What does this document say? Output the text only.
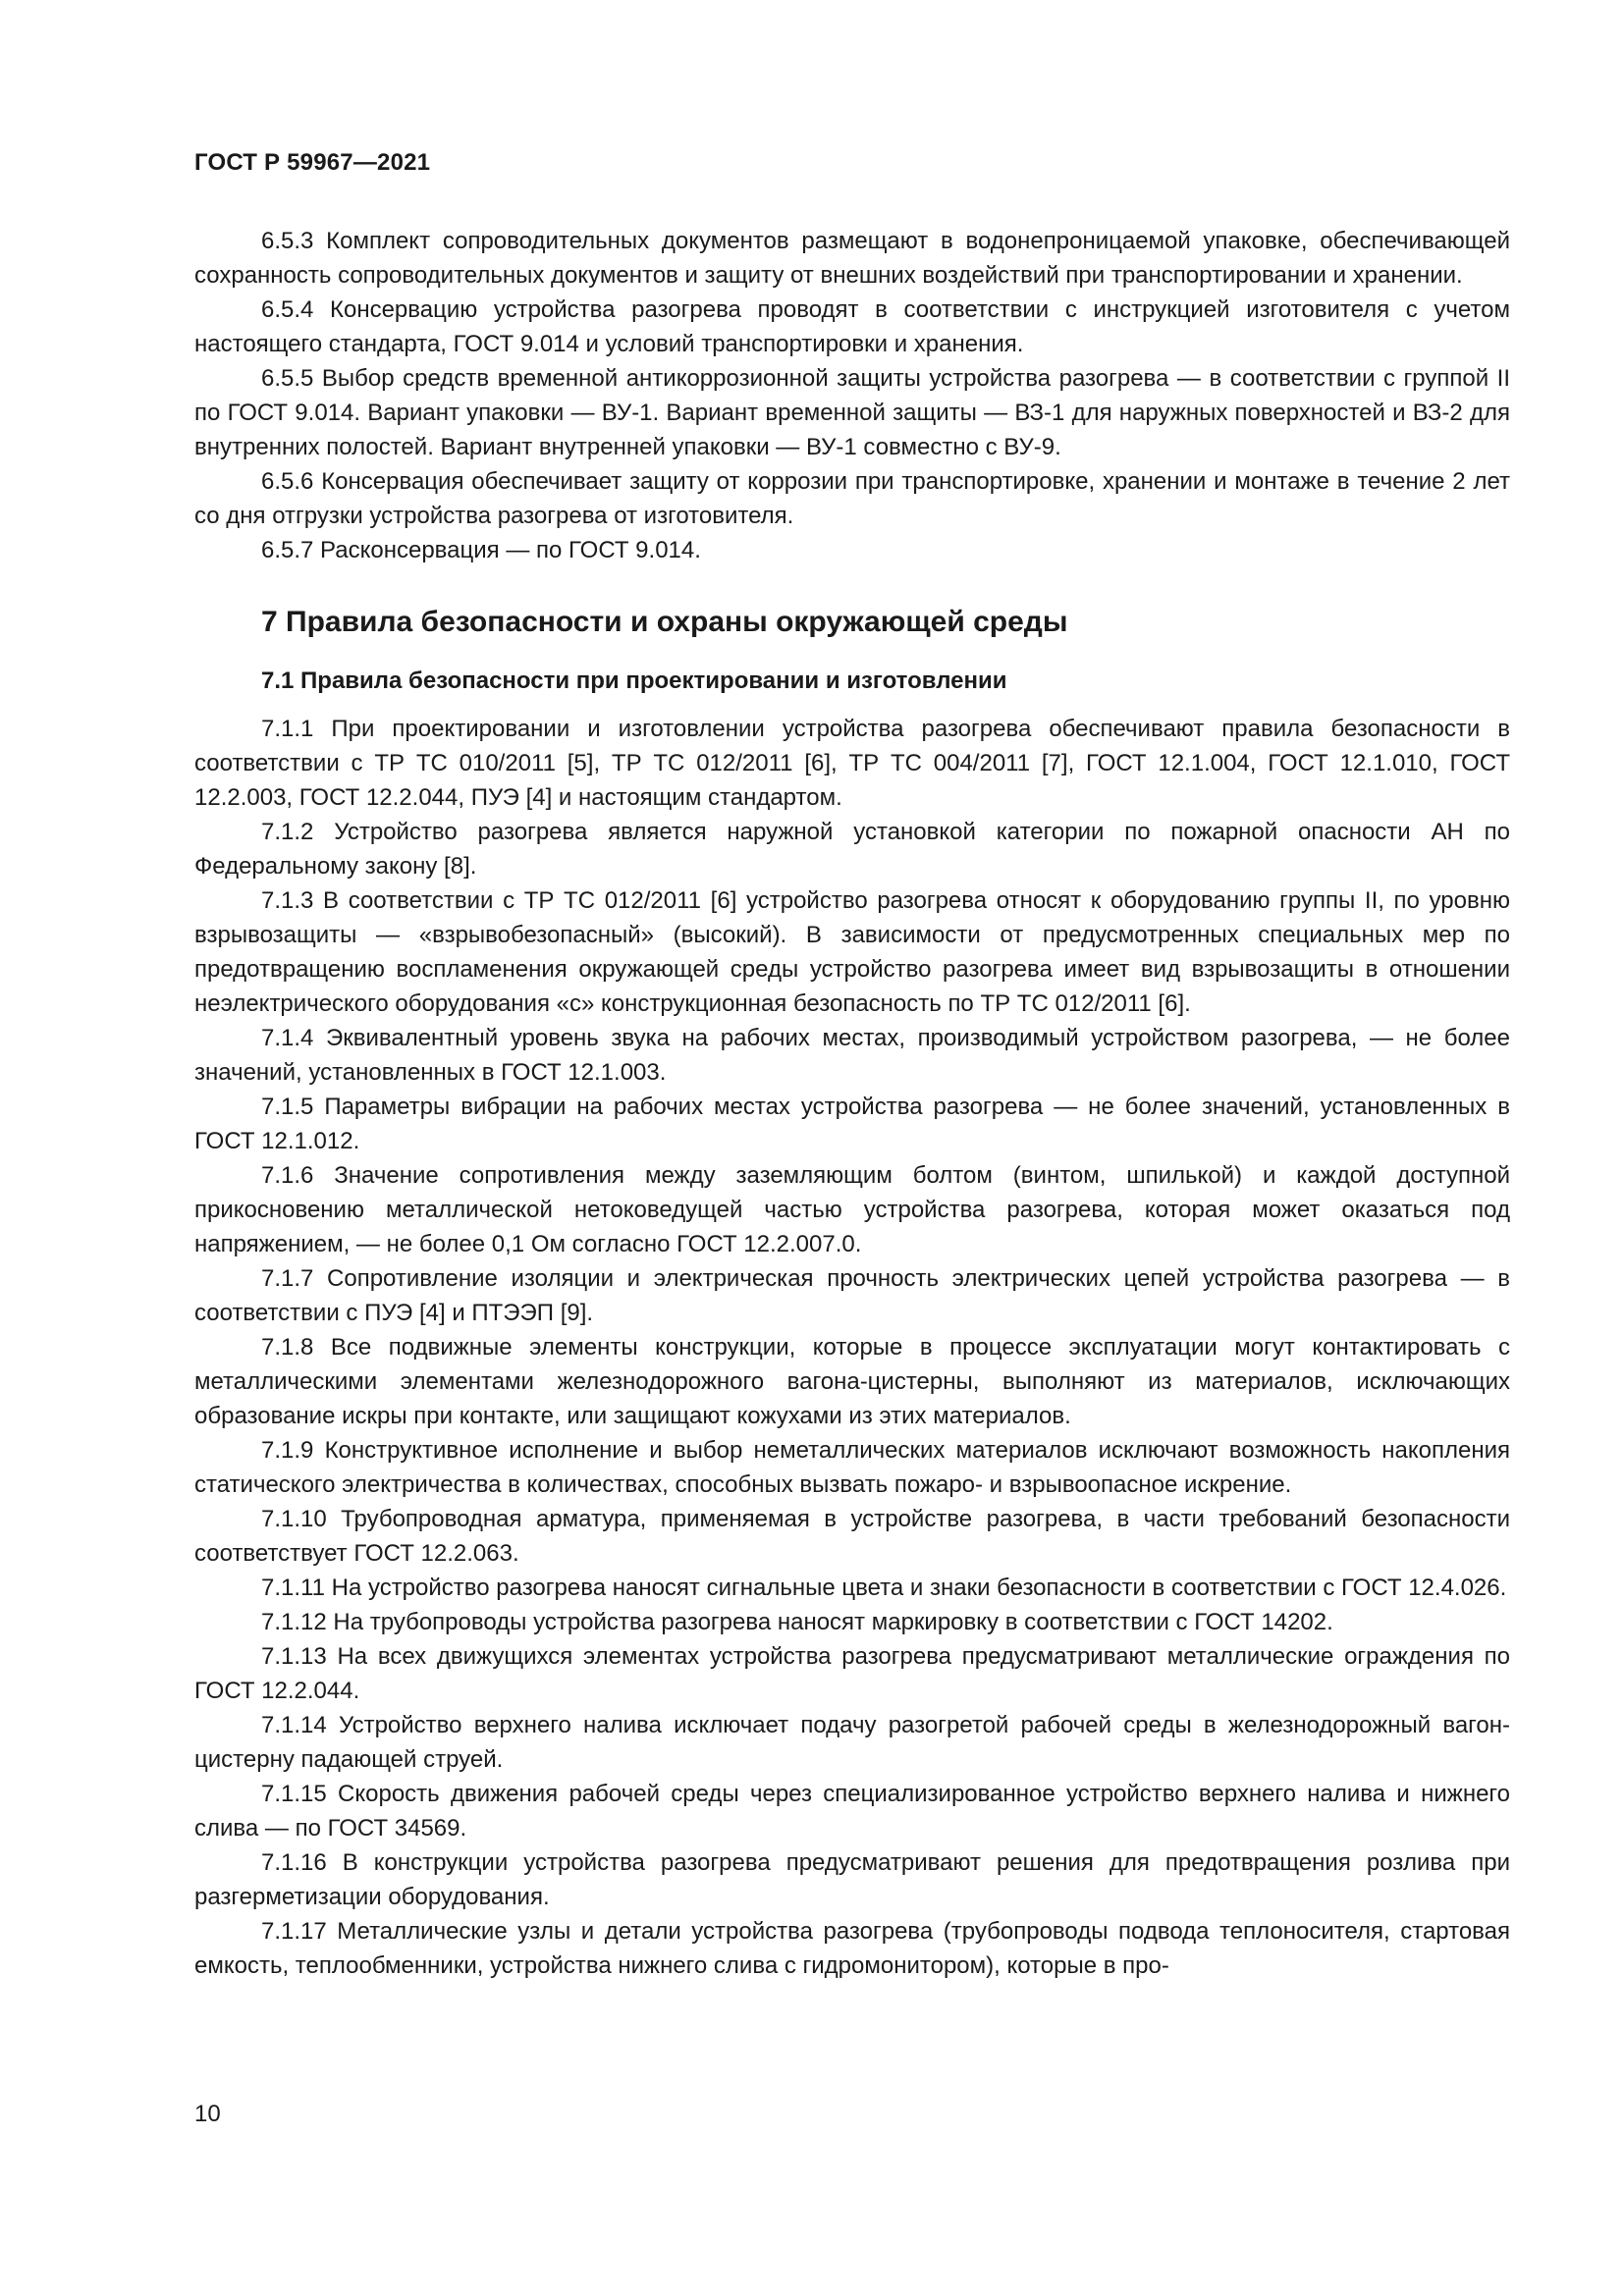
ГОСТ Р 59967—2021

6.5.3 Комплект сопроводительных документов размещают в водонепроницаемой упаковке, обеспечивающей сохранность сопроводительных документов и защиту от внешних воздействий при транспортировании и хранении.

6.5.4 Консервацию устройства разогрева проводят в соответствии с инструкцией изготовителя с учетом настоящего стандарта, ГОСТ 9.014 и условий транспортировки и хранения.

6.5.5 Выбор средств временной антикоррозионной защиты устройства разогрева — в соответствии с группой II по ГОСТ 9.014. Вариант упаковки — ВУ-1. Вариант временной защиты — ВЗ-1 для наружных поверхностей и ВЗ-2 для внутренних полостей. Вариант внутренней упаковки — ВУ-1 совместно с ВУ-9.

6.5.6 Консервация обеспечивает защиту от коррозии при транспортировке, хранении и монтаже в течение 2 лет со дня отгрузки устройства разогрева от изготовителя.

6.5.7 Расконсервация — по ГОСТ 9.014.

7 Правила безопасности и охраны окружающей среды
7.1 Правила безопасности при проектировании и изготовлении

7.1.1 При проектировании и изготовлении устройства разогрева обеспечивают правила безопасности в соответствии с ТР ТС 010/2011 [5], ТР ТС 012/2011 [6], ТР ТС 004/2011 [7], ГОСТ 12.1.004, ГОСТ 12.1.010, ГОСТ 12.2.003, ГОСТ 12.2.044, ПУЭ [4] и настоящим стандартом.

7.1.2 Устройство разогрева является наружной установкой категории по пожарной опасности АН по Федеральному закону [8].

7.1.3 В соответствии с ТР ТС 012/2011 [6] устройство разогрева относят к оборудованию группы II, по уровню взрывозащиты — «взрывобезопасный» (высокий). В зависимости от предусмотренных специальных мер по предотвращению воспламенения окружающей среды устройство разогрева имеет вид взрывозащиты в отношении неэлектрического оборудования «с» конструкционная безопасность по ТР ТС 012/2011 [6].

7.1.4 Эквивалентный уровень звука на рабочих местах, производимый устройством разогрева, — не более значений, установленных в ГОСТ 12.1.003.

7.1.5 Параметры вибрации на рабочих местах устройства разогрева — не более значений, установленных в ГОСТ 12.1.012.

7.1.6 Значение сопротивления между заземляющим болтом (винтом, шпилькой) и каждой доступной прикосновению металлической нетоковедущей частью устройства разогрева, которая может оказаться под напряжением, — не более 0,1 Ом согласно ГОСТ 12.2.007.0.

7.1.7 Сопротивление изоляции и электрическая прочность электрических цепей устройства разогрева — в соответствии с ПУЭ [4] и ПТЭЭП [9].

7.1.8 Все подвижные элементы конструкции, которые в процессе эксплуатации могут контактировать с металлическими элементами железнодорожного вагона-цистерны, выполняют из материалов, исключающих образование искры при контакте, или защищают кожухами из этих материалов.

7.1.9 Конструктивное исполнение и выбор неметаллических материалов исключают возможность накопления статического электричества в количествах, способных вызвать пожаро- и взрывоопасное искрение.

7.1.10 Трубопроводная арматура, применяемая в устройстве разогрева, в части требований безопасности соответствует ГОСТ 12.2.063.

7.1.11 На устройство разогрева наносят сигнальные цвета и знаки безопасности в соответствии с ГОСТ 12.4.026.

7.1.12 На трубопроводы устройства разогрева наносят маркировку в соответствии с ГОСТ 14202.

7.1.13 На всех движущихся элементах устройства разогрева предусматривают металлические ограждения по ГОСТ 12.2.044.

7.1.14 Устройство верхнего налива исключает подачу разогретой рабочей среды в железнодорожный вагон-цистерну падающей струей.

7.1.15 Скорость движения рабочей среды через специализированное устройство верхнего налива и нижнего слива — по ГОСТ 34569.

7.1.16 В конструкции устройства разогрева предусматривают решения для предотвращения розлива при разгерметизации оборудования.

7.1.17 Металлические узлы и детали устройства разогрева (трубопроводы подвода теплоносителя, стартовая емкость, теплообменники, устройства нижнего слива с гидромонитором), которые в про-

10
